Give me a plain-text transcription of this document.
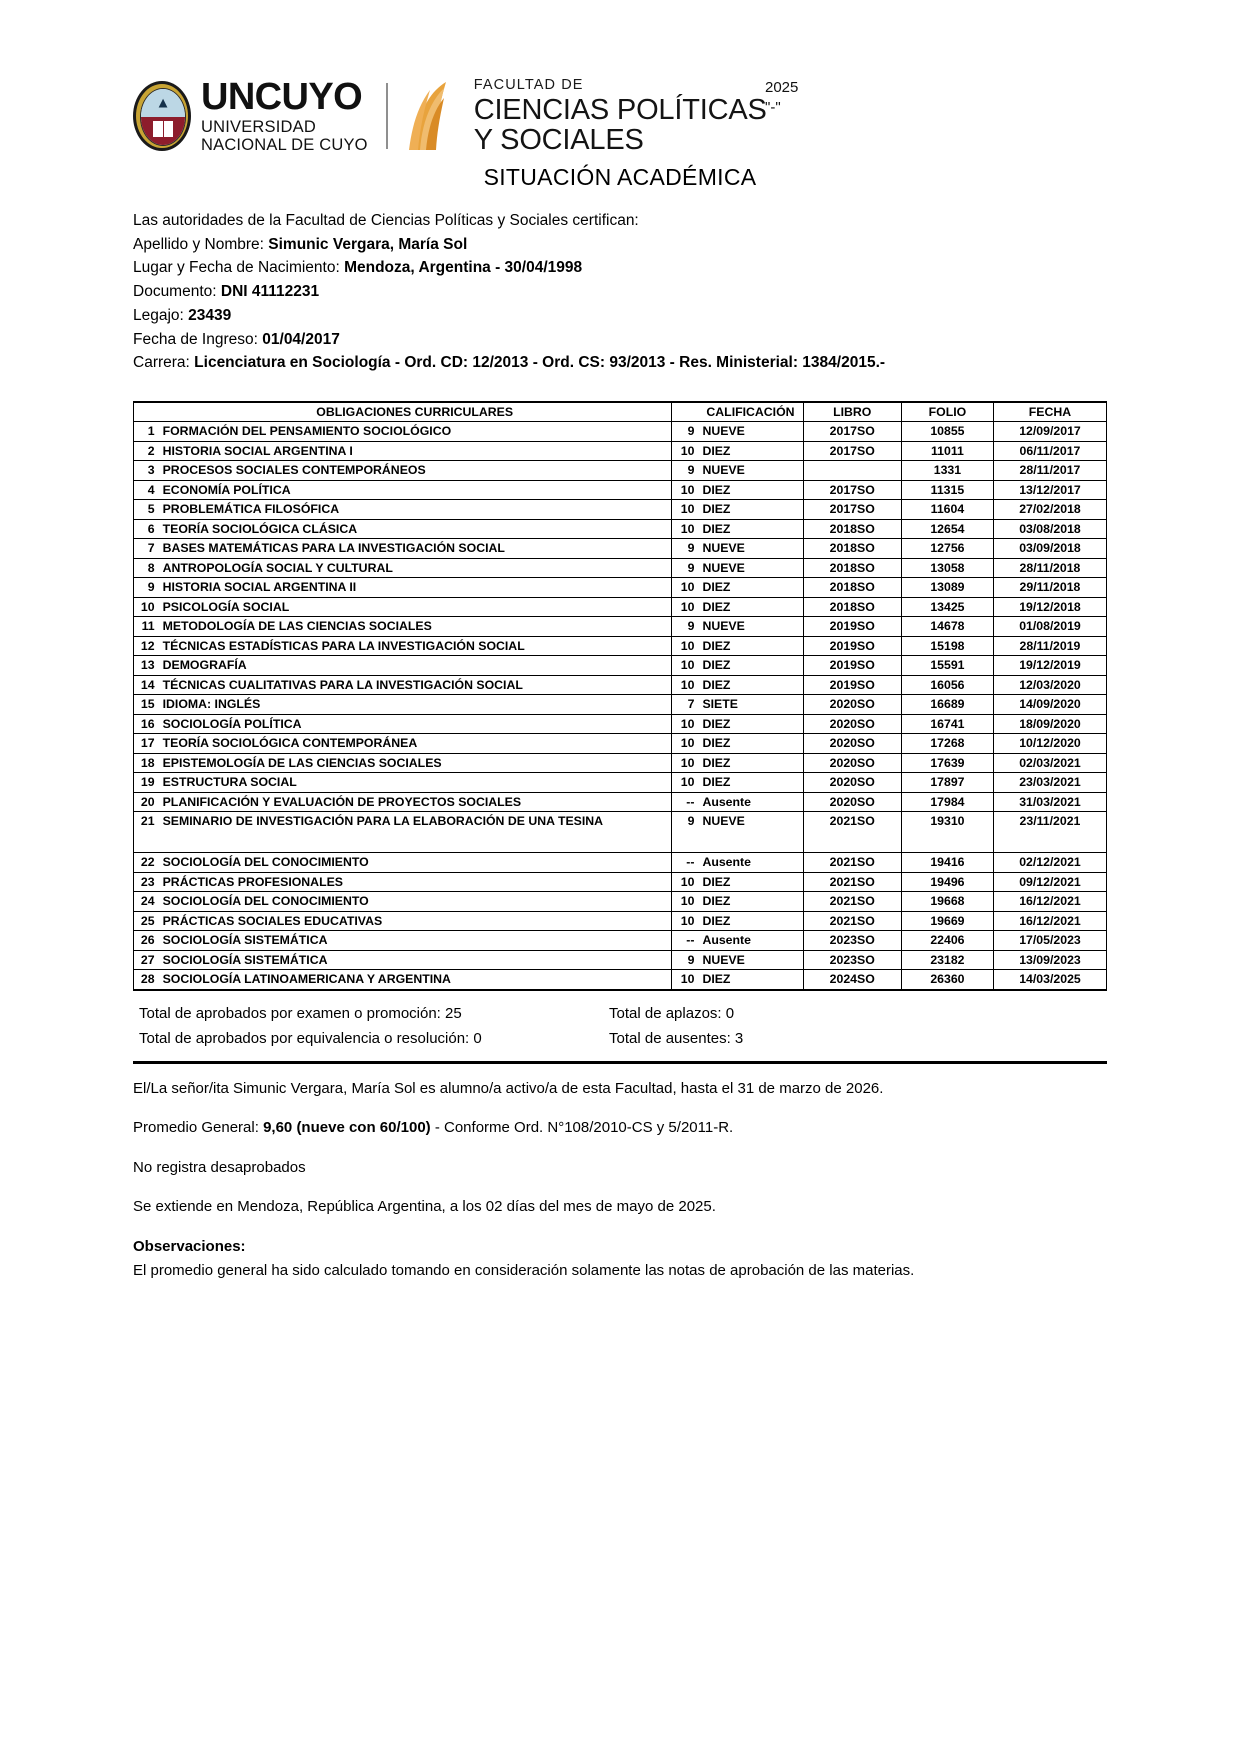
▲ UNCUYO
UNIVERSIDAD
NACIONAL DE CUYO
FACULTAD DE
CIENCIAS POLÍTICAS
Y SOCIALES
2025
"-"
SITUACIÓN ACADÉMICA
Las autoridades de la Facultad de Ciencias Políticas y Sociales certifican:
Apellido y Nombre: Simunic Vergara, María Sol
Lugar y Fecha de Nacimiento: Mendoza, Argentina - 30/04/1998
Documento: DNI 41112231
Legajo: 23439
Fecha de Ingreso: 01/04/2017
Carrera: Licenciatura en Sociología - Ord. CD: 12/2013 - Ord. CS: 93/2013 - Res. Ministerial: 1384/2015.-
	OBLIGACIONES CURRICULARES		CALIFICACIÓN	LIBRO	FOLIO	FECHA
1	FORMACIÓN DEL PENSAMIENTO SOCIOLÓGICO	9	NUEVE	2017SO	10855	12/09/2017
2	HISTORIA SOCIAL ARGENTINA I	10	DIEZ	2017SO	11011	06/11/2017
3	PROCESOS SOCIALES CONTEMPORÁNEOS	9	NUEVE		1331	28/11/2017
4	ECONOMÍA POLÍTICA	10	DIEZ	2017SO	11315	13/12/2017
5	PROBLEMÁTICA FILOSÓFICA	10	DIEZ	2017SO	11604	27/02/2018
6	TEORÍA SOCIOLÓGICA CLÁSICA	10	DIEZ	2018SO	12654	03/08/2018
7	BASES MATEMÁTICAS PARA LA INVESTIGACIÓN SOCIAL	9	NUEVE	2018SO	12756	03/09/2018
8	ANTROPOLOGÍA SOCIAL Y CULTURAL	9	NUEVE	2018SO	13058	28/11/2018
9	HISTORIA SOCIAL ARGENTINA II	10	DIEZ	2018SO	13089	29/11/2018
10	PSICOLOGÍA SOCIAL	10	DIEZ	2018SO	13425	19/12/2018
11	METODOLOGÍA DE LAS CIENCIAS SOCIALES	9	NUEVE	2019SO	14678	01/08/2019
12	TÉCNICAS ESTADÍSTICAS PARA LA INVESTIGACIÓN SOCIAL	10	DIEZ	2019SO	15198	28/11/2019
13	DEMOGRAFÍA	10	DIEZ	2019SO	15591	19/12/2019
14	TÉCNICAS CUALITATIVAS PARA LA INVESTIGACIÓN SOCIAL	10	DIEZ	2019SO	16056	12/03/2020
15	IDIOMA: INGLÉS	7	SIETE	2020SO	16689	14/09/2020
16	SOCIOLOGÍA POLÍTICA	10	DIEZ	2020SO	16741	18/09/2020
17	TEORÍA SOCIOLÓGICA CONTEMPORÁNEA	10	DIEZ	2020SO	17268	10/12/2020
18	EPISTEMOLOGÍA DE LAS CIENCIAS SOCIALES	10	DIEZ	2020SO	17639	02/03/2021
19	ESTRUCTURA SOCIAL	10	DIEZ	2020SO	17897	23/03/2021
20	PLANIFICACIÓN Y EVALUACIÓN DE PROYECTOS SOCIALES	--	Ausente	2020SO	17984	31/03/2021
21	SEMINARIO DE INVESTIGACIÓN PARA LA ELABORACIÓN DE UNA TESINA	9	NUEVE	2021SO	19310	23/11/2021
22	SOCIOLOGÍA DEL CONOCIMIENTO	--	Ausente	2021SO	19416	02/12/2021
23	PRÁCTICAS PROFESIONALES	10	DIEZ	2021SO	19496	09/12/2021
24	SOCIOLOGÍA DEL CONOCIMIENTO	10	DIEZ	2021SO	19668	16/12/2021
25	PRÁCTICAS SOCIALES EDUCATIVAS	10	DIEZ	2021SO	19669	16/12/2021
26	SOCIOLOGÍA SISTEMÁTICA	--	Ausente	2023SO	22406	17/05/2023
27	SOCIOLOGÍA SISTEMÁTICA	9	NUEVE	2023SO	23182	13/09/2023
28	SOCIOLOGÍA LATINOAMERICANA Y ARGENTINA	10	DIEZ	2024SO	26360	14/03/2025
Total de aprobados por examen o promoción: 25	Total de aplazos: 0
Total de aprobados por equivalencia o resolución: 0	Total de ausentes: 3

El/La señor/ita Simunic Vergara, María Sol es alumno/a activo/a de esta Facultad, hasta el 31 de marzo de 2026.

Promedio General: 9,60 (nueve con 60/100) - Conforme Ord. N°108/2010-CS y 5/2011-R.

No registra desaprobados

Se extiende en Mendoza, República Argentina, a los 02 días del mes de mayo de 2025.

Observaciones:

El promedio general ha sido calculado tomando en consideración solamente las notas de aprobación de las materias.
